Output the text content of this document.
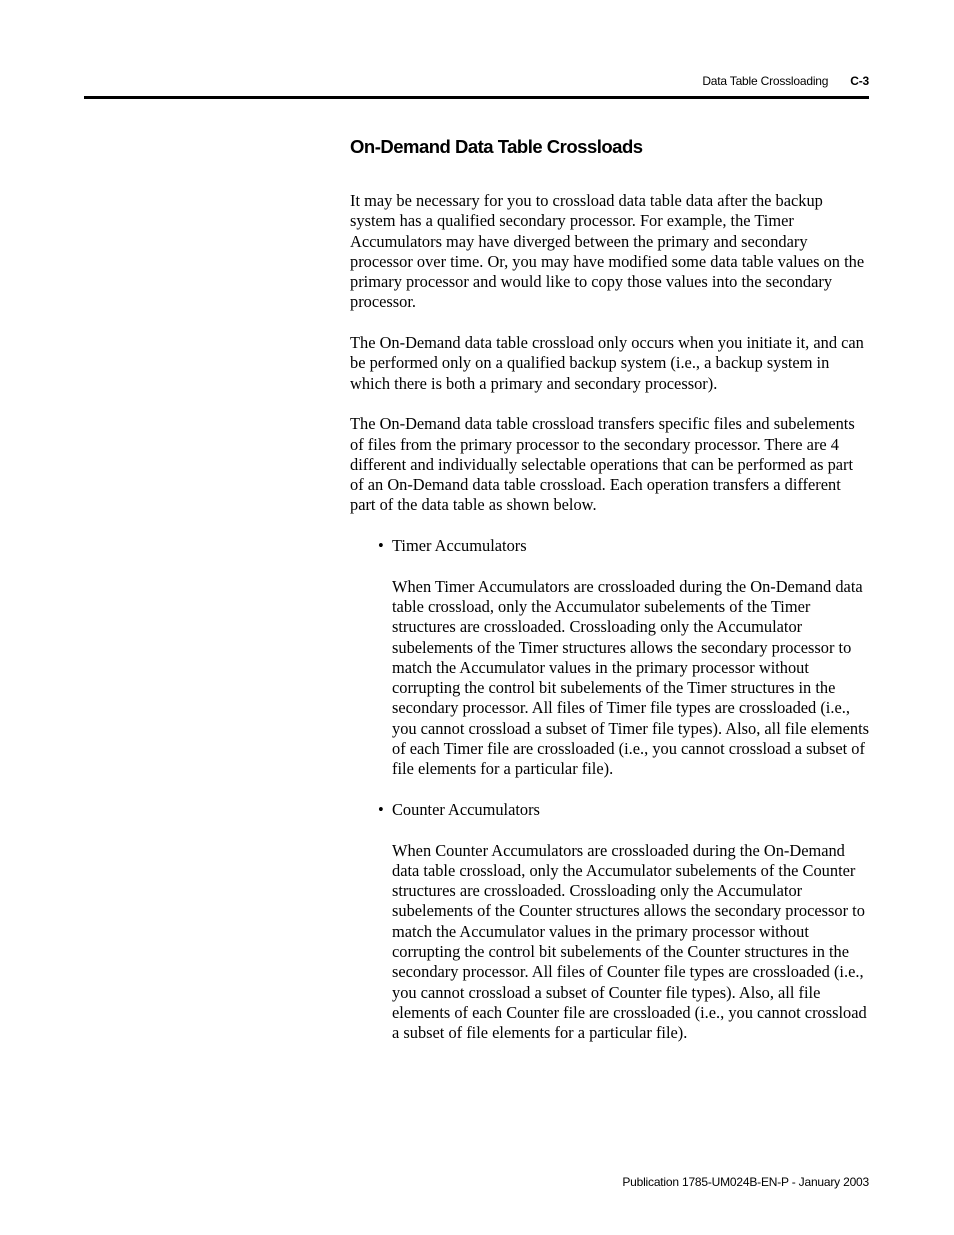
Data Table Crossloading C-3
On-Demand Data Table Crossloads

It may be necessary for you to crossload data table data after the backup system has a qualified secondary processor. For example, the Timer Accumulators may have diverged between the primary and secondary processor over time. Or, you may have modified some data table values on the primary processor and would like to copy those values into the secondary processor.

The On-Demand data table crossload only occurs when you initiate it, and can be performed only on a qualified backup system (i.e., a backup system in which there is both a primary and secondary processor).

The On-Demand data table crossload transfers specific files and subelements of files from the primary processor to the secondary processor. There are 4 different and individually selectable operations that can be performed as part of an On-Demand data table crossload. Each operation transfers a different part of the data table as shown below.

• Timer Accumulators

When Timer Accumulators are crossloaded during the On-Demand data table crossload, only the Accumulator subelements of the Timer structures are crossloaded. Crossloading only the Accumulator subelements of the Timer structures allows the secondary processor to match the Accumulator values in the primary processor without corrupting the control bit subelements of the Timer structures in the secondary processor. All files of Timer file types are crossloaded (i.e., you cannot crossload a subset of Timer file types). Also, all file elements of each Timer file are crossloaded (i.e., you cannot crossload a subset of file elements for a particular file).

• Counter Accumulators

When Counter Accumulators are crossloaded during the On-Demand data table crossload, only the Accumulator subelements of the Counter structures are crossloaded. Crossloading only the Accumulator subelements of the Counter structures allows the secondary processor to match the Accumulator values in the primary processor without corrupting the control bit subelements of the Counter structures in the secondary processor. All files of Counter file types are crossloaded (i.e., you cannot crossload a subset of Counter file types). Also, all file elements of each Counter file are crossloaded (i.e., you cannot crossload a subset of file elements for a particular file).

Publication 1785-UM024B-EN-P - January 2003
